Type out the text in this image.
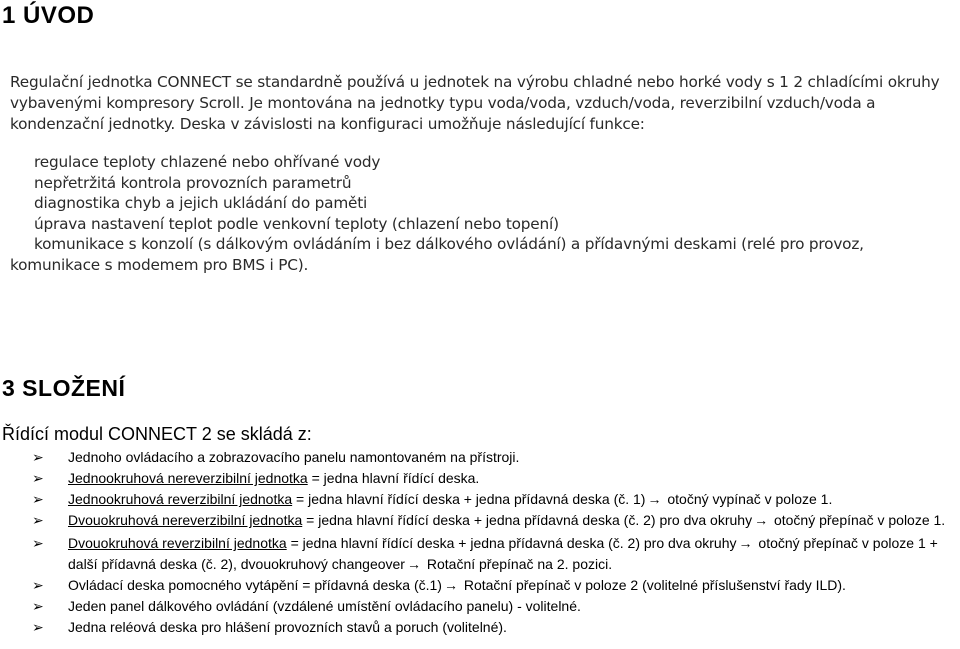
1 ÚVOD

Regulační jednotka CONNECT se standardně používá u jednotek na výrobu chladné nebo horké vody s 1 2 chladícími okruhy vybavenými kompresory Scroll. Je montována na jednotky typu voda/voda, vzduch/voda, reverzibilní vzduch/voda a kondenzační jednotky. Deska v závislosti na konfiguraci umožňuje následující funkce:

regulace teploty chlazené nebo ohřívané vody
nepřetržitá kontrola provozních parametrů
diagnostika chyb a jejich ukládání do paměti
úprava nastavení teplot podle venkovní teploty (chlazení nebo topení)
komunikace s konzolí (s dálkovým ovládáním i bez dálkového ovládání) a přídavnými deskami (relé pro provoz,
komunikace s modemem pro BMS i PC).
3 SLOŽENÍ
Řídící modul CONNECT 2 se skládá z:
➢ Jednoho ovládacího a zobrazovacího panelu namontovaném na přístroji.
➢ Jednookruhová nereverzibilní jednotka = jedna hlavní řídící deska.
➢ Jednookruhová reverzibilní jednotka = jedna hlavní řídící deska + jedna přídavná deska (č. 1) → otočný vypínač v poloze 1.
➢ Dvouokruhová nereverzibilní jednotka = jedna hlavní řídící deska + jedna přídavná deska (č. 2) pro dva okruhy → otočný přepínač v poloze 1.
➢ Dvouokruhová reverzibilní jednotka = jedna hlavní řídící deska + jedna přídavná deska (č. 2) pro dva okruhy → otočný přepínač v poloze 1 + další přídavná deska (č. 2), dvouokruhový changeover → Rotační přepínač na 2. pozici.
➢ Ovládací deska pomocného vytápění = přídavná deska (č.1) → Rotační přepínač v poloze 2 (volitelné příslušenství řady ILD).
➢ Jeden panel dálkového ovládání (vzdálené umístění ovládacího panelu) - volitelné.
➢ Jedna reléová deska pro hlášení provozních stavů a poruch (volitelné).
